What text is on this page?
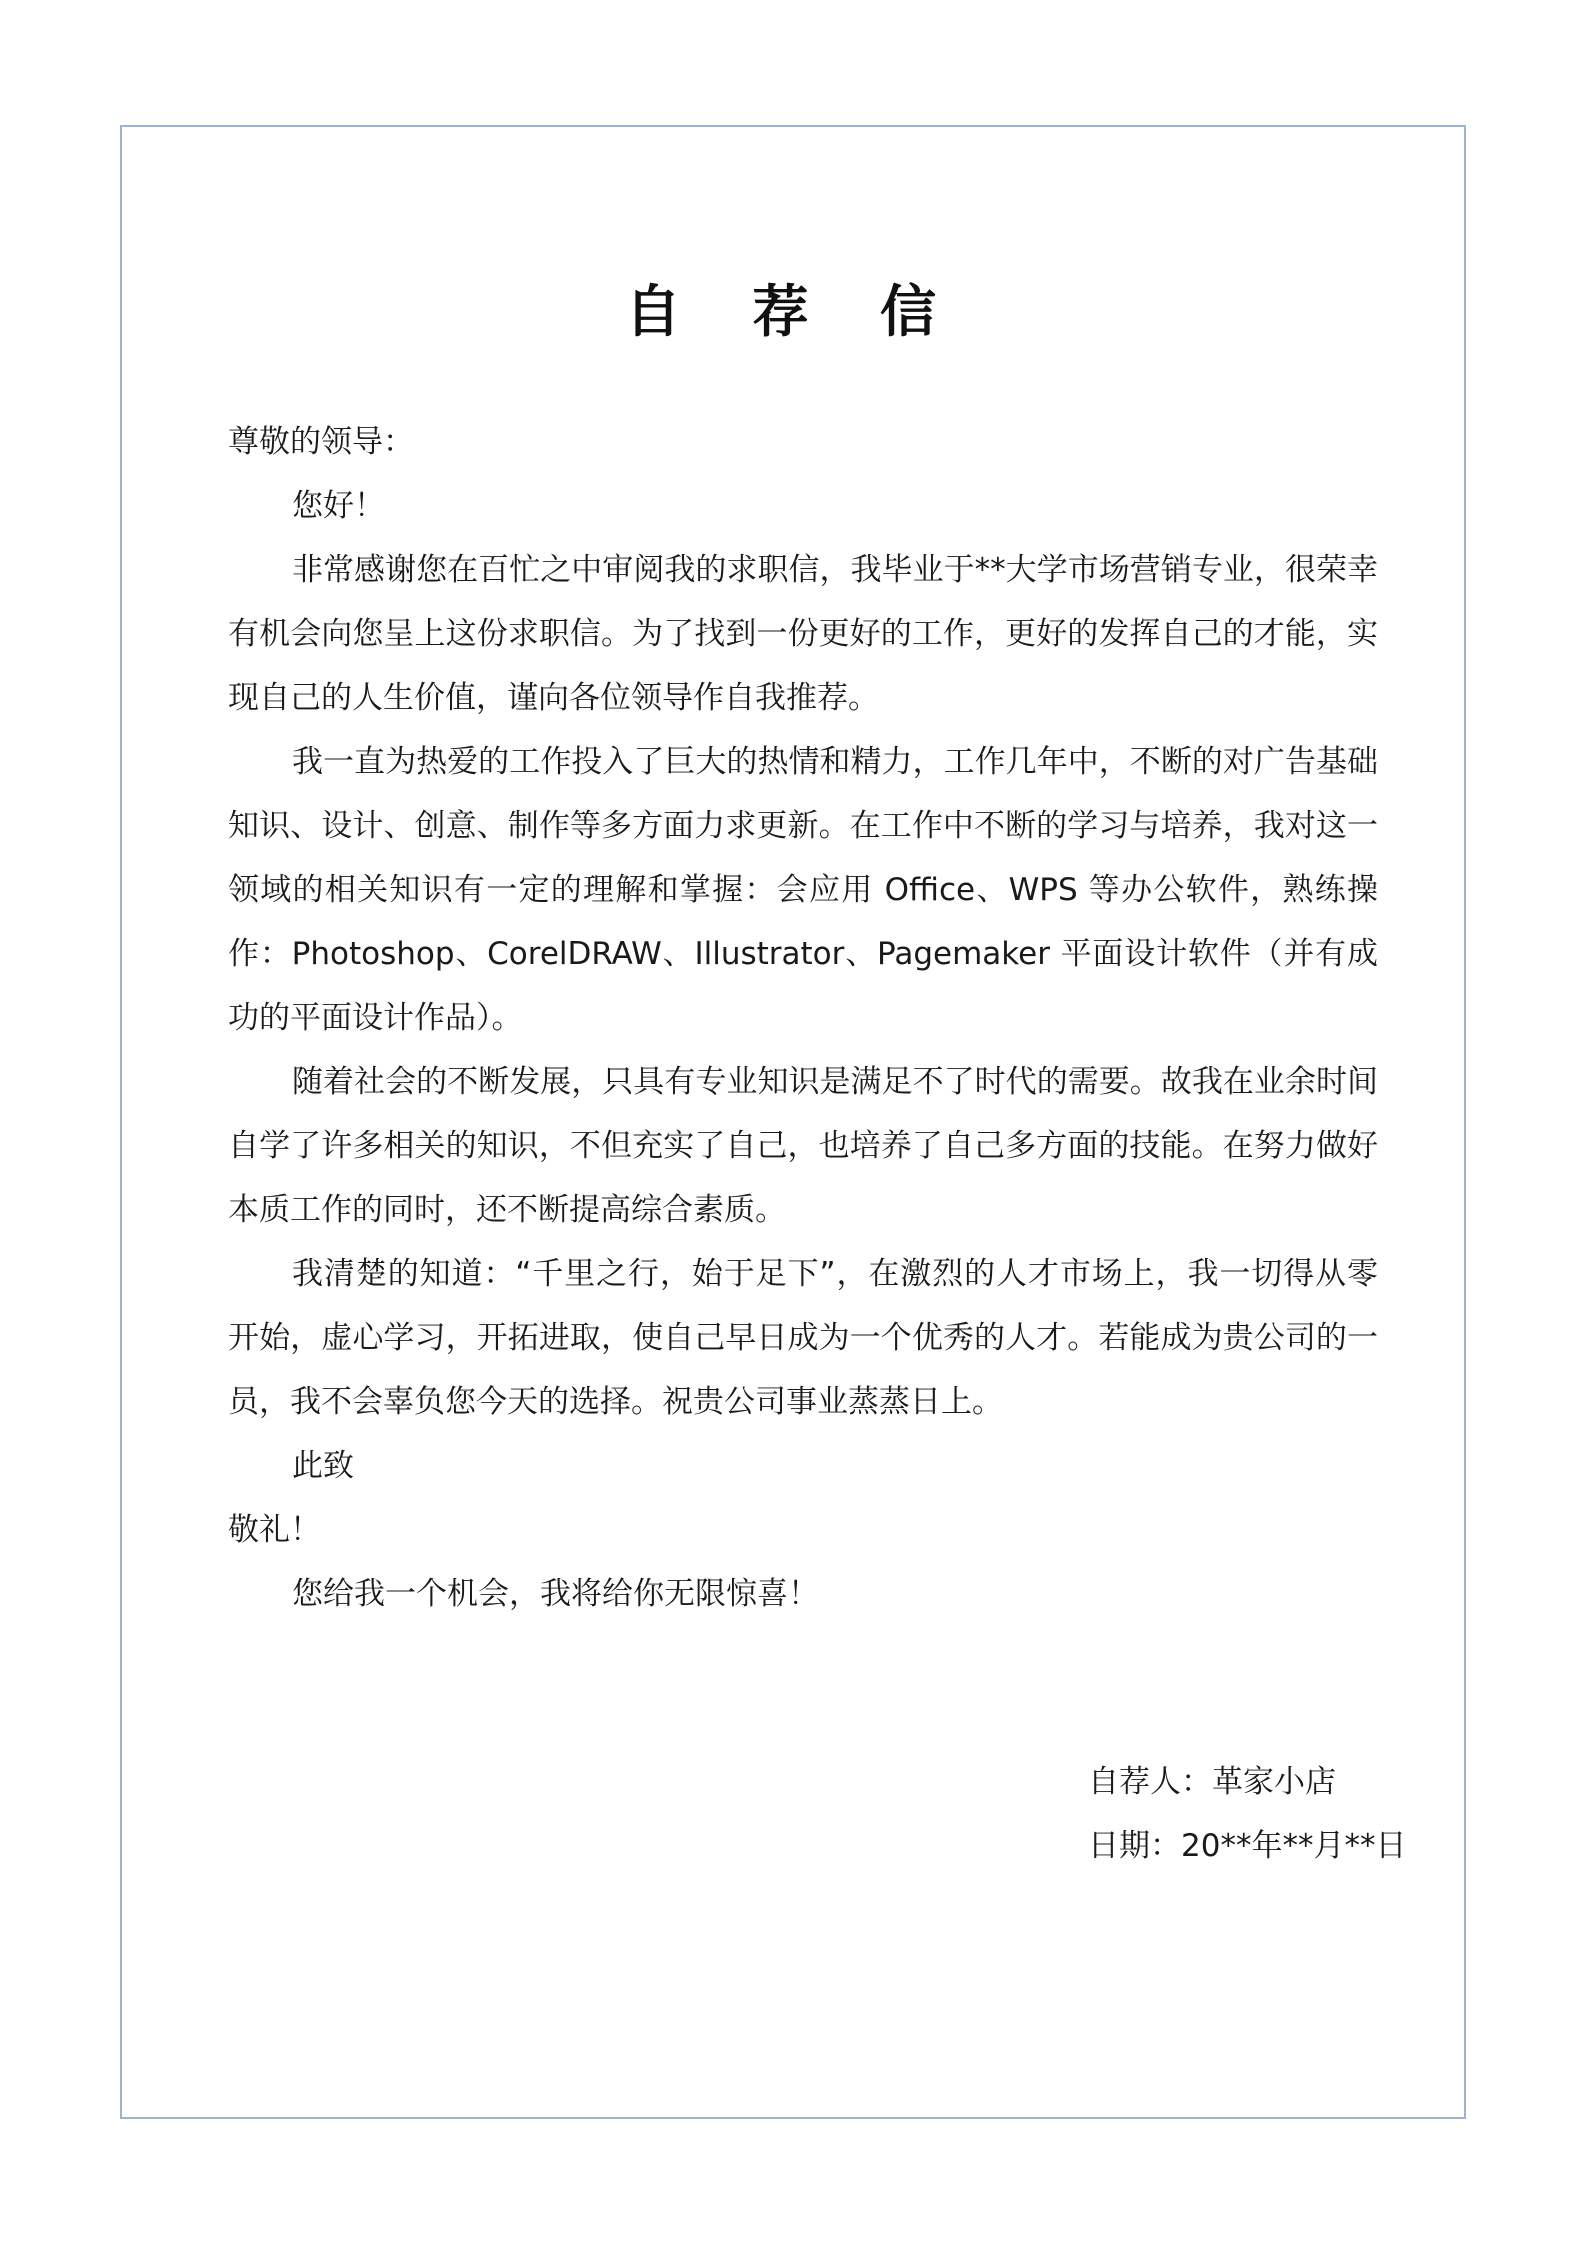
自 荐 信

尊敬的领导：

您好！

非常感谢您在百忙之中审阅我的求职信，我毕业于**大学市场营销专业，很荣幸有机会向您呈上这份求职信。为了找到一份更好的工作，更好的发挥自己的才能，实现自己的人生价值，谨向各位领导作自我推荐。

我一直为热爱的工作投入了巨大的热情和精力，工作几年中，不断的对广告基础知识、设计、创意、制作等多方面力求更新。在工作中不断的学习与培养，我对这一领域的相关知识有一定的理解和掌握：会应用 Office、WPS 等办公软件，熟练操作：Photoshop、CorelDRAW、Illustrator、Pagemaker 平面设计软件（并有成功的平面设计作品）。

随着社会的不断发展，只具有专业知识是满足不了时代的需要。故我在业余时间自学了许多相关的知识，不但充实了自己，也培养了自己多方面的技能。在努力做好本质工作的同时，还不断提高综合素质。

我清楚的知道：“千里之行，始于足下”，在激烈的人才市场上，我一切得从零开始，虚心学习，开拓进取，使自己早日成为一个优秀的人才。若能成为贵公司的一员，我不会辜负您今天的选择。祝贵公司事业蒸蒸日上。

此致

敬礼！

您给我一个机会，我将给你无限惊喜！

自荐人：革家小店
日期：20**年**月**日
